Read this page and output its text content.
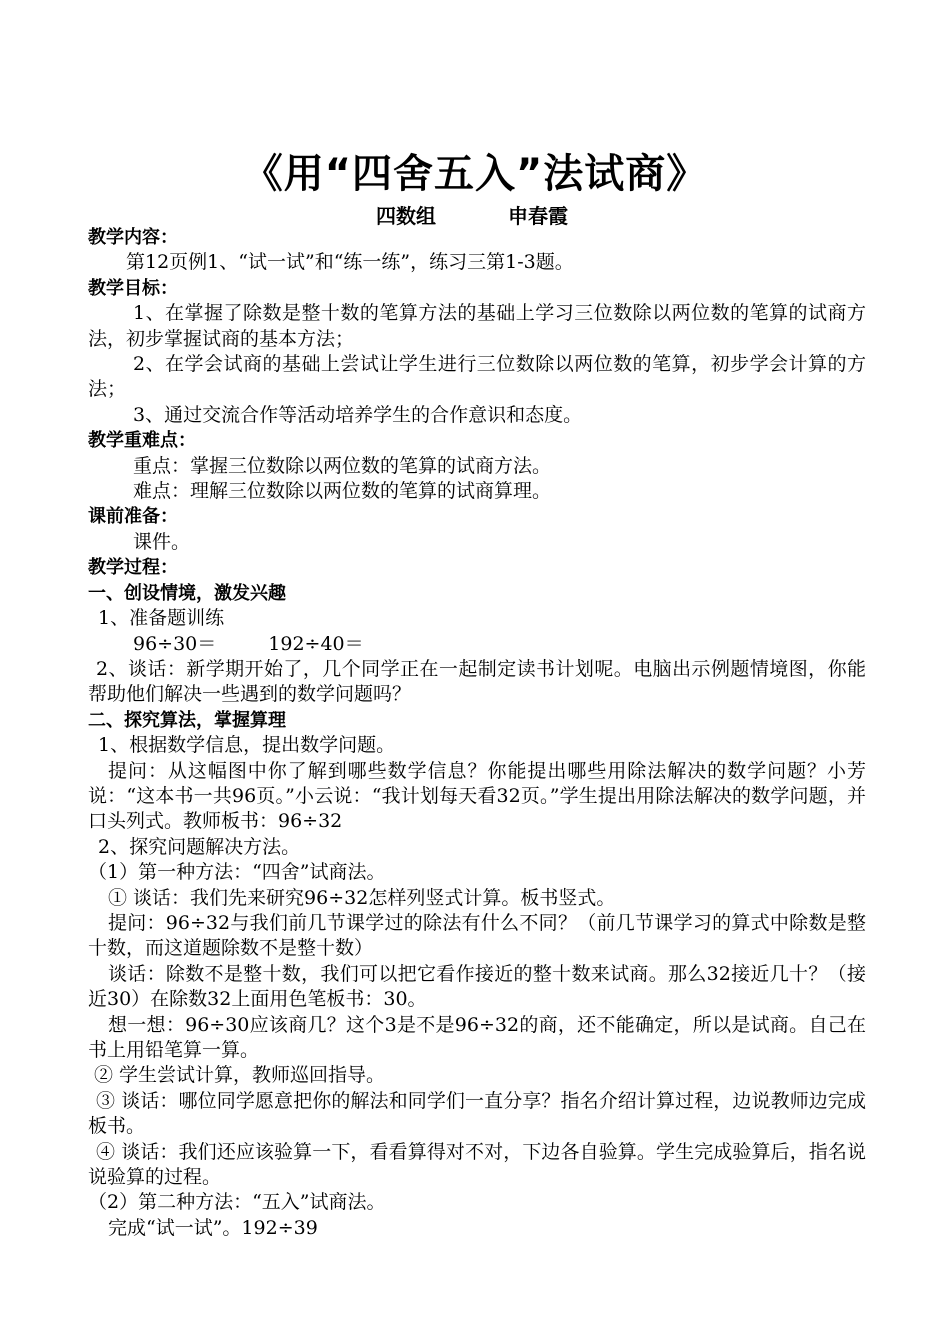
《用“四舍五入”法试商》
四数组	申春霞
教学内容：
第12页例1、“试一试”和“练一练”，练习三第1-3题。
教学目标：
1、在掌握了除数是整十数的笔算方法的基础上学习三位数除以两位数的笔算的试商方法，初步掌握试商的基本方法；
2、在学会试商的基础上尝试让学生进行三位数除以两位数的笔算，初步学会计算的方法；
3、通过交流合作等活动培养学生的合作意识和态度。
教学重难点：
重点：掌握三位数除以两位数的笔算的试商方法。
难点：理解三位数除以两位数的笔算的试商算理。
课前准备：
课件。
教学过程：
一、创设情境，激发兴趣
1、准备题训练
96÷30＝	192÷40＝
2、谈话：新学期开始了，几个同学正在一起制定读书计划呢。电脑出示例题情境图，你能帮助他们解决一些遇到的数学问题吗？
二、探究算法，掌握算理
1、根据数学信息，提出数学问题。
提问：从这幅图中你了解到哪些数学信息？你能提出哪些用除法解决的数学问题？小芳说：“这本书一共96页。”小云说：“我计划每天看32页。”学生提出用除法解决的数学问题，并口头列式。教师板书：96÷32
2、探究问题解决方法。
（1）第一种方法：“四舍”试商法。
① 谈话：我们先来研究96÷32怎样列竖式计算。板书竖式。
提问：96÷32与我们前几节课学过的除法有什么不同？（前几节课学习的算式中除数是整十数，而这道题除数不是整十数）
谈话：除数不是整十数，我们可以把它看作接近的整十数来试商。那么32接近几十？（接近30）在除数32上面用色笔板书：30。
想一想：96÷30应该商几？这个3是不是96÷32的商，还不能确定，所以是试商。自己在书上用铅笔算一算。
② 学生尝试计算，教师巡回指导。
③ 谈话：哪位同学愿意把你的解法和同学们一直分享？指名介绍计算过程，边说教师边完成板书。
④ 谈话：我们还应该验算一下，看看算得对不对，下边各自验算。学生完成验算后，指名说说验算的过程。
（2）第二种方法：“五入”试商法。
完成“试一试”。192÷39
